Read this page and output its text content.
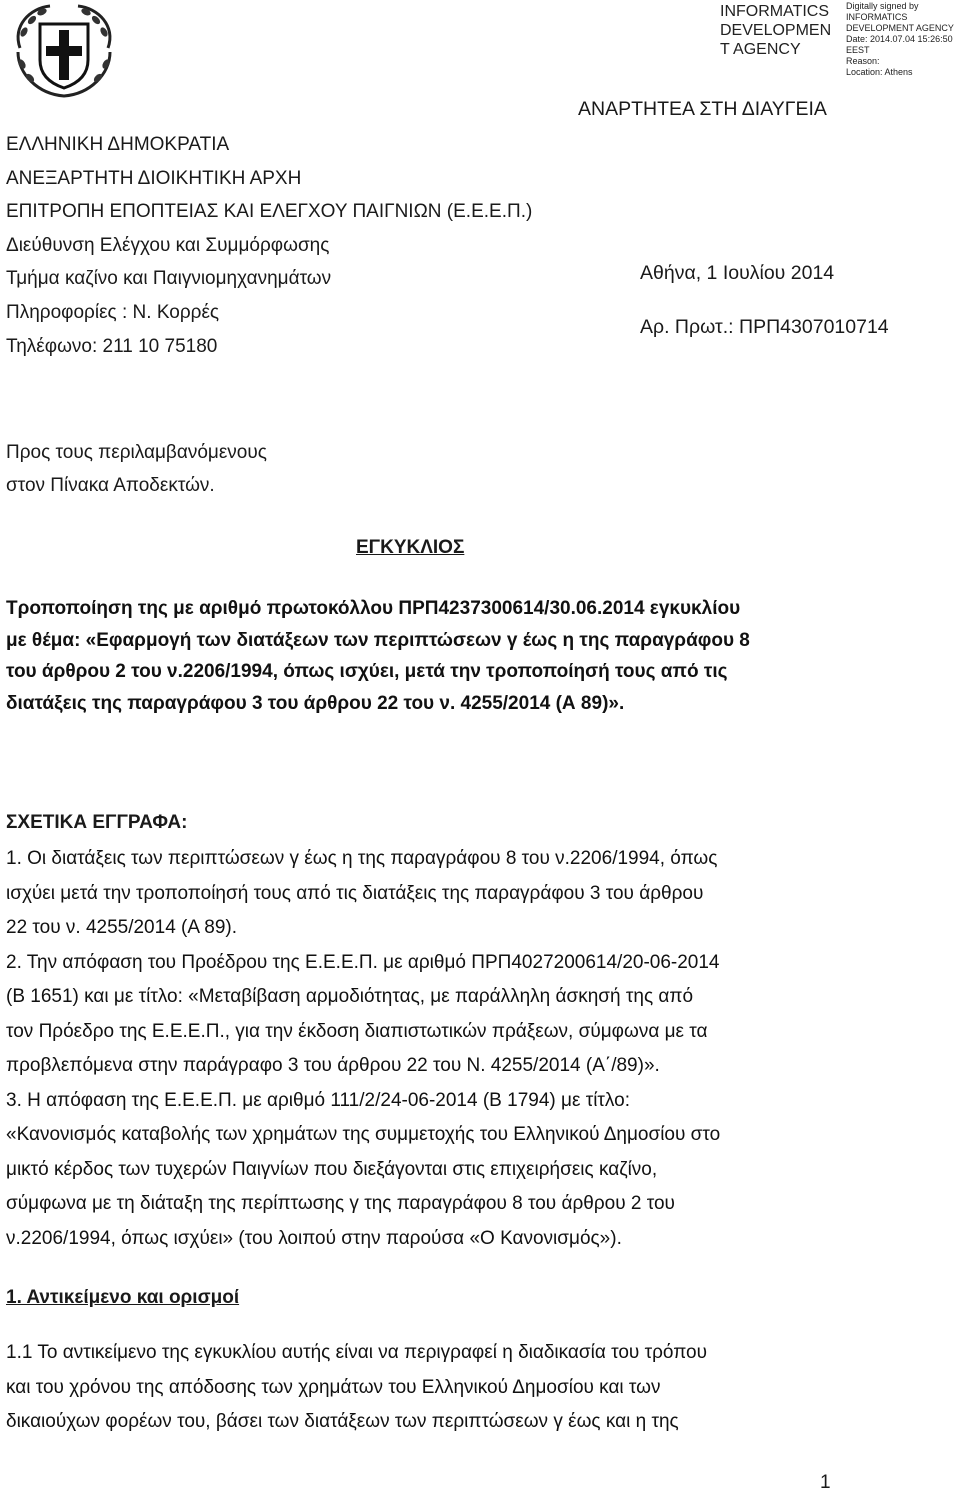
INFORMATICS
DEVELOPMEN
T AGENCY
Digitally signed by
INFORMATICS
DEVELOPMENT AGENCY
Date: 2014.07.04 15:26:50
EEST
Reason:
Location: Athens
ΑΝΑΡΤΗΤΕΑ ΣΤΗ ΔΙΑΥΓΕΙΑ
ΕΛΛΗΝΙΚΗ ΔΗΜΟΚΡΑΤΙΑ
ΑΝΕΞΑΡΤΗΤΗ ΔΙΟΙΚΗΤΙΚΗ ΑΡΧΗ
ΕΠΙΤΡΟΠΗ ΕΠΟΠΤΕΙΑΣ ΚΑΙ ΕΛΕΓΧΟΥ ΠΑΙΓΝΙΩΝ (Ε.Ε.Ε.Π.)
Διεύθυνση Ελέγχου και Συμμόρφωσης
Τμήμα καζίνο και Παιγνιομηχανημάτων
Πληροφορίες : Ν. Κορρές
Τηλέφωνο: 211 10 75180
Αθήνα, 1 Ιουλίου 2014
Αρ. Πρωτ.: ΠΡΠ4307010714
Προς τους περιλαμβανόμενους
στον Πίνακα Αποδεκτών.
ΕΓΚΥΚΛΙΟΣ
Τροποποίηση της με αριθμό πρωτοκόλλου ΠΡΠ4237300614/30.06.2014 εγκυκλίου
με θέμα: «Εφαρμογή των διατάξεων των περιπτώσεων γ έως η της παραγράφου 8
του άρθρου 2 του ν.2206/1994, όπως ισχύει, μετά την τροποποίησή τους από τις
διατάξεις της παραγράφου 3 του άρθρου 22 του ν. 4255/2014 (Α 89)».
ΣΧΕΤΙΚΑ ΕΓΓΡΑΦΑ:
1. Οι διατάξεις των περιπτώσεων γ έως η της παραγράφου 8 του ν.2206/1994, όπως
ισχύει μετά την τροποποίησή τους από τις διατάξεις της παραγράφου 3 του άρθρου
22 του ν. 4255/2014 (Α 89).
2. Την απόφαση του Προέδρου της Ε.Ε.Ε.Π. με αριθμό ΠΡΠ4027200614/20-06-2014
(Β 1651) και με τίτλο: «Μεταβίβαση αρμοδιότητας, με παράλληλη άσκησή της από
τον Πρόεδρο της Ε.Ε.Ε.Π., για την έκδοση διαπιστωτικών πράξεων, σύμφωνα με τα
προβλεπόμενα στην παράγραφο 3 του άρθρου 22 του Ν. 4255/2014 (Α΄/89)».
3. Η απόφαση της Ε.Ε.Ε.Π. με αριθμό 111/2/24-06-2014 (Β 1794) με τίτλο:
«Κανονισμός καταβολής των χρημάτων της συμμετοχής του Ελληνικού Δημοσίου στο
μικτό κέρδος των τυχερών Παιγνίων που διεξάγονται στις επιχειρήσεις καζίνο,
σύμφωνα με τη διάταξη της περίπτωσης γ της παραγράφου 8 του άρθρου 2 του
ν.2206/1994, όπως ισχύει» (του λοιπού στην παρούσα «Ο Κανονισμός»).
1. Αντικείμενο και ορισμοί
1.1 Το αντικείμενο της εγκυκλίου αυτής είναι να περιγραφεί η διαδικασία του τρόπου
και του χρόνου της απόδοσης των χρημάτων του Ελληνικού Δημοσίου και των
δικαιούχων φορέων του, βάσει των διατάξεων των περιπτώσεων γ έως και η της
1
